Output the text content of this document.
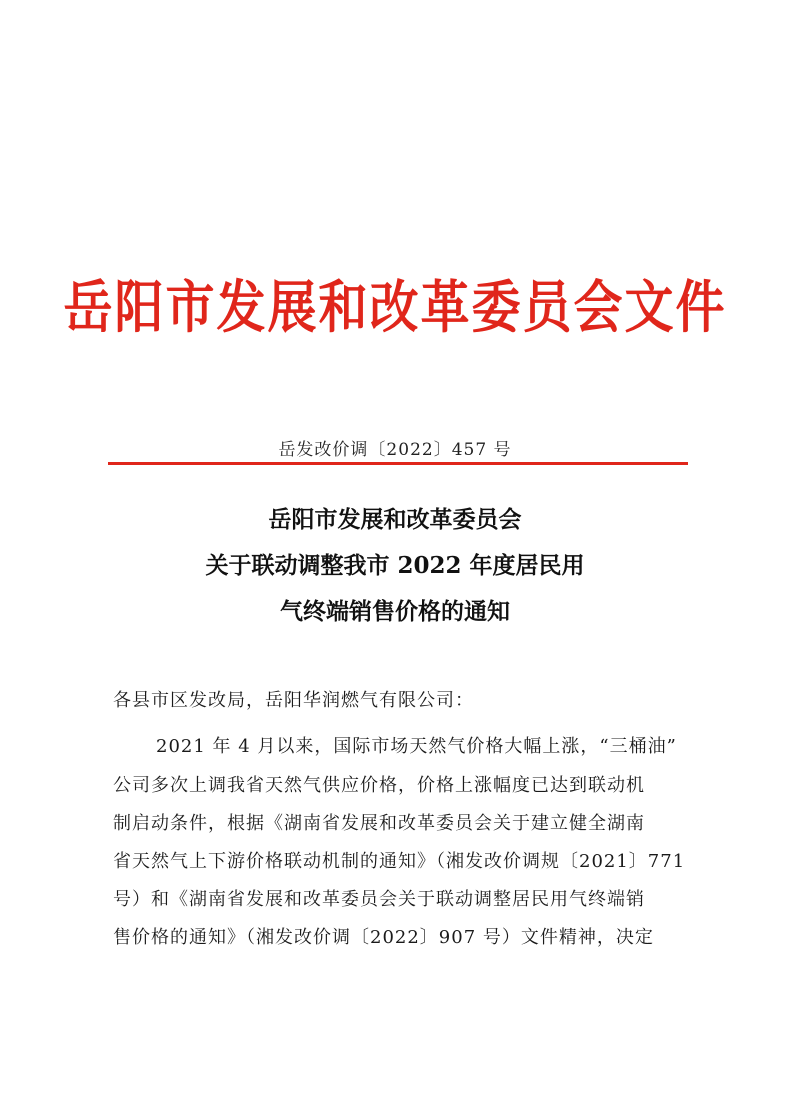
岳阳市发展和改革委员会文件
岳发改价调〔2022〕457 号
岳阳市发展和改革委员会
关于联动调整我市 2022 年度居民用
气终端销售价格的通知
各县市区发改局，岳阳华润燃气有限公司：
2021 年 4 月以来，国际市场天然气价格大幅上涨，“三桶油”
公司多次上调我省天然气供应价格，价格上涨幅度已达到联动机
制启动条件，根据《湖南省发展和改革委员会关于建立健全湖南
省天然气上下游价格联动机制的通知》（湘发改价调规〔2021〕771
号）和《湖南省发展和改革委员会关于联动调整居民用气终端销
售价格的通知》（湘发改价调〔2022〕907 号）文件精神，决定
